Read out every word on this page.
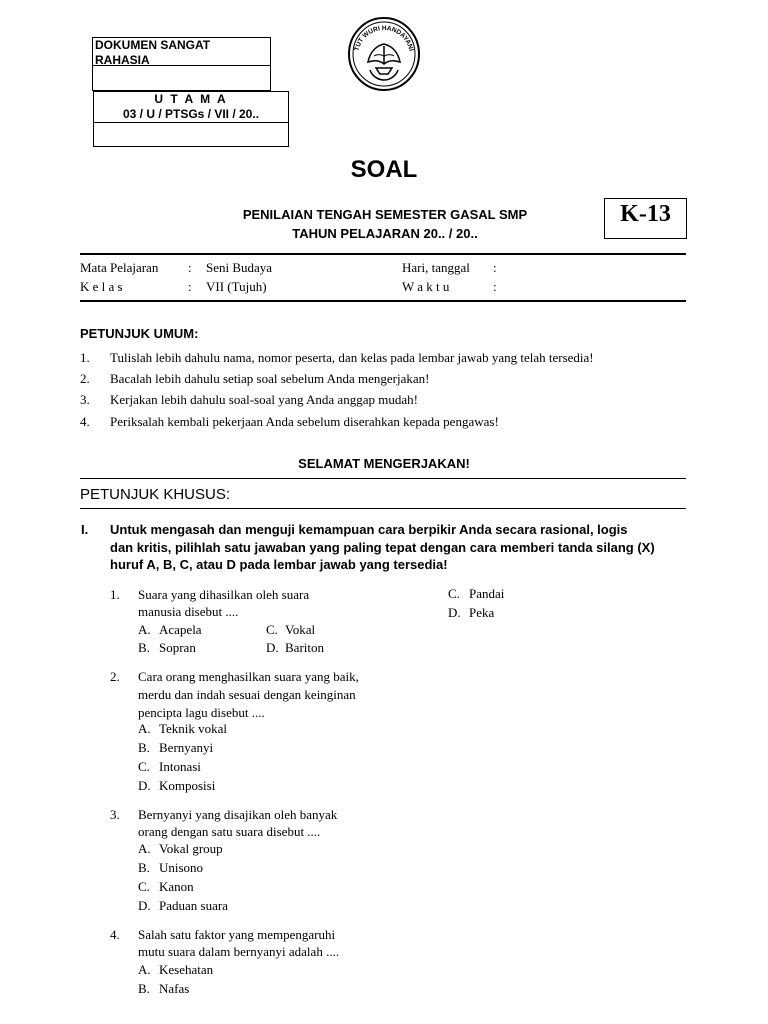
DOKUMEN SANGAT RAHASIA
U T A M A
03 / U / PTSGs / VII / 20..
TUT WURI HANDAYANI
SOAL
PENILAIAN TENGAH SEMESTER GASAL SMP
TAHUN PELAJARAN 20.. / 20..
K-13
Mata Pelajaran : Seni Budaya	Hari, tanggal :
K e l a s	: VII (Tujuh)	W a k t u	:
PETUNJUK UMUM:
1. Tulislah lebih dahulu nama, nomor peserta, dan kelas pada lembar jawab yang telah tersedia!
2. Bacalah lebih dahulu setiap soal sebelum Anda mengerjakan!
3. Kerjakan lebih dahulu soal-soal yang Anda anggap mudah!
4. Periksalah kembali pekerjaan Anda sebelum diserahkan kepada pengawas!
SELAMAT MENGERJAKAN!
PETUNJUK KHUSUS:
I. Untuk mengasah dan menguji kemampuan cara berpikir Anda secara rasional, logis
dan kritis, pilihlah satu jawaban yang paling tepat dengan cara memberi tanda silang (X)
huruf A, B, C, atau D pada lembar jawab yang tersedia!
1. Suara yang dihasilkan oleh suara
manusia disebut ....
A. Acapela
B. Sopran
C. Vokal
D. Bariton
2. Cara orang menghasilkan suara yang baik,
merdu dan indah sesuai dengan keinginan
pencipta lagu disebut ....
A. Teknik vokal
B. Bernyanyi
C. Intonasi
D. Komposisi
3. Bernyanyi yang disajikan oleh banyak
orang dengan satu suara disebut ....
A. Vokal group
B. Unisono
C. Kanon
D. Paduan suara
4. Salah satu faktor yang mempengaruhi
mutu suara dalam bernyanyi adalah ....
A. Kesehatan
B. Nafas
C. Pandai
D. Peka
